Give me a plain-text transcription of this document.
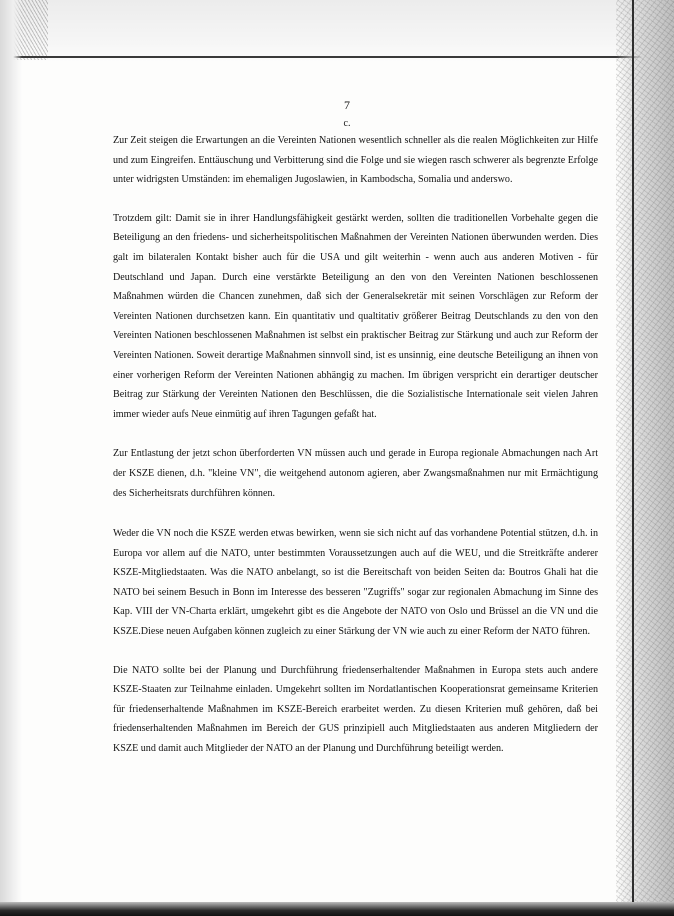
7
c.

Zur Zeit steigen die Erwartungen an die Vereinten Nationen wesentlich schneller als die realen Möglichkeiten zur Hilfe und zum Eingreifen. Enttäuschung und Verbitterung sind die Folge und sie wiegen rasch schwerer als begrenzte Erfolge unter widrigsten Umständen: im ehemaligen Jugoslawien, in Kambodscha, Somalia und anderswo.

Trotzdem gilt: Damit sie in ihrer Handlungsfähigkeit gestärkt werden, sollten die traditionellen Vorbehalte gegen die Beteiligung an den friedens- und sicherheitspolitischen Maßnahmen der Vereinten Nationen überwunden werden. Dies galt im bilateralen Kontakt bisher auch für die USA und gilt weiterhin - wenn auch aus anderen Motiven - für Deutschland und Japan. Durch eine verstärkte Beteiligung an den von den Vereinten Nationen beschlossenen Maßnahmen würden die Chancen zunehmen, daß sich der Generalsekretär mit seinen Vorschlägen zur Reform der Vereinten Nationen durchsetzen kann. Ein quantitativ und qualtitativ größerer Beitrag Deutschlands zu den von den Vereinten Nationen beschlossenen Maßnahmen ist selbst ein praktischer Beitrag zur Stärkung und auch zur Reform der Vereinten Nationen. Soweit derartige Maßnahmen sinnvoll sind, ist es unsinnig, eine deutsche Beteiligung an ihnen von einer vorherigen Reform der Vereinten Nationen abhängig zu machen. Im übrigen verspricht ein derartiger deutscher Beitrag zur Stärkung der Vereinten Nationen den Beschlüssen, die die Sozialistische Internationale seit vielen Jahren immer wieder aufs Neue einmütig auf ihren Tagungen gefaßt hat.

Zur Entlastung der jetzt schon überforderten VN müssen auch und gerade in Europa regionale Abmachungen nach Art der KSZE dienen, d.h. "kleine VN", die weitgehend autonom agieren, aber Zwangsmaßnahmen nur mit Ermächtigung des Sicherheitsrats durchführen können.

Weder die VN noch die KSZE werden etwas bewirken, wenn sie sich nicht auf das vorhandene Potential stützen, d.h. in Europa vor allem auf die NATO, unter bestimmten Voraussetzungen auch auf die WEU, und die Streitkräfte anderer KSZE-Mitgliedstaaten. Was die NATO anbelangt, so ist die Bereitschaft von beiden Seiten da: Boutros Ghali hat die NATO bei seinem Besuch in Bonn im Interesse des besseren "Zugriffs" sogar zur regionalen Abmachung im Sinne des Kap. VIII der VN-Charta erklärt, umgekehrt gibt es die Angebote der NATO von Oslo und Brüssel an die VN und die KSZE.Diese neuen Aufgaben können zugleich zu einer Stärkung der VN wie auch zu einer Reform der NATO führen.

Die NATO sollte bei der Planung und Durchführung friedenserhaltender Maßnahmen in Europa stets auch andere KSZE-Staaten zur Teilnahme einladen. Umgekehrt sollten im Nordatlantischen Kooperationsrat gemeinsame Kriterien für friedenserhaltende Maßnahmen im KSZE-Bereich erarbeitet werden. Zu diesen Kriterien muß gehören, daß bei friedenserhaltenden Maßnahmen im Bereich der GUS prinzipiell auch Mitgliedstaaten aus anderen Mitgliedern der KSZE und damit auch Mitglieder der NATO an der Planung und Durchführung beteiligt werden.
